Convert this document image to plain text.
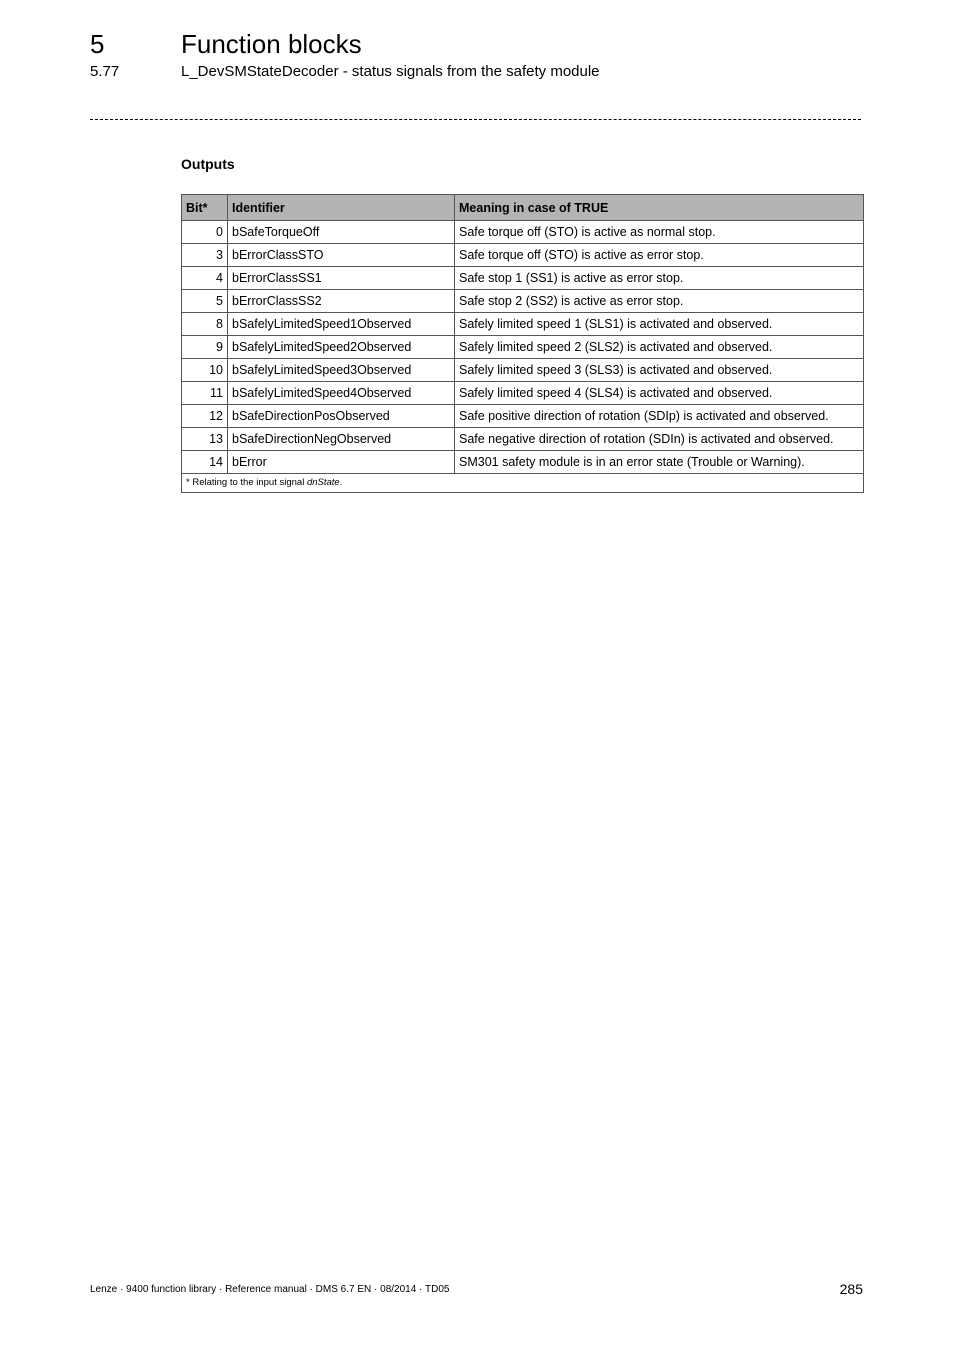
5	Function blocks
5.77	L_DevSMStateDecoder - status signals from the safety module
Outputs
Bit*	Identifier	Meaning in case of TRUE
0	bSafeTorqueOff	Safe torque off (STO) is active as normal stop.
3	bErrorClassSTO	Safe torque off (STO) is active as error stop.
4	bErrorClassSS1	Safe stop 1 (SS1) is active as error stop.
5	bErrorClassSS2	Safe stop 2 (SS2) is active as error stop.
8	bSafelyLimitedSpeed1Observed	Safely limited speed 1 (SLS1) is activated and observed.
9	bSafelyLimitedSpeed2Observed	Safely limited speed 2 (SLS2) is activated and observed.
10	bSafelyLimitedSpeed3Observed	Safely limited speed 3 (SLS3) is activated and observed.
11	bSafelyLimitedSpeed4Observed	Safely limited speed 4 (SLS4) is activated and observed.
12	bSafeDirectionPosObserved	Safe positive direction of rotation (SDIp) is activated and observed.
13	bSafeDirectionNegObserved	Safe negative direction of rotation (SDIn) is activated and observed.
14	bError	SM301 safety module is in an error state (Trouble or Warning).
* Relating to the input signal dnState.		
Lenze · 9400 function library · Reference manual · DMS 6.7 EN · 08/2014 · TD05	285
